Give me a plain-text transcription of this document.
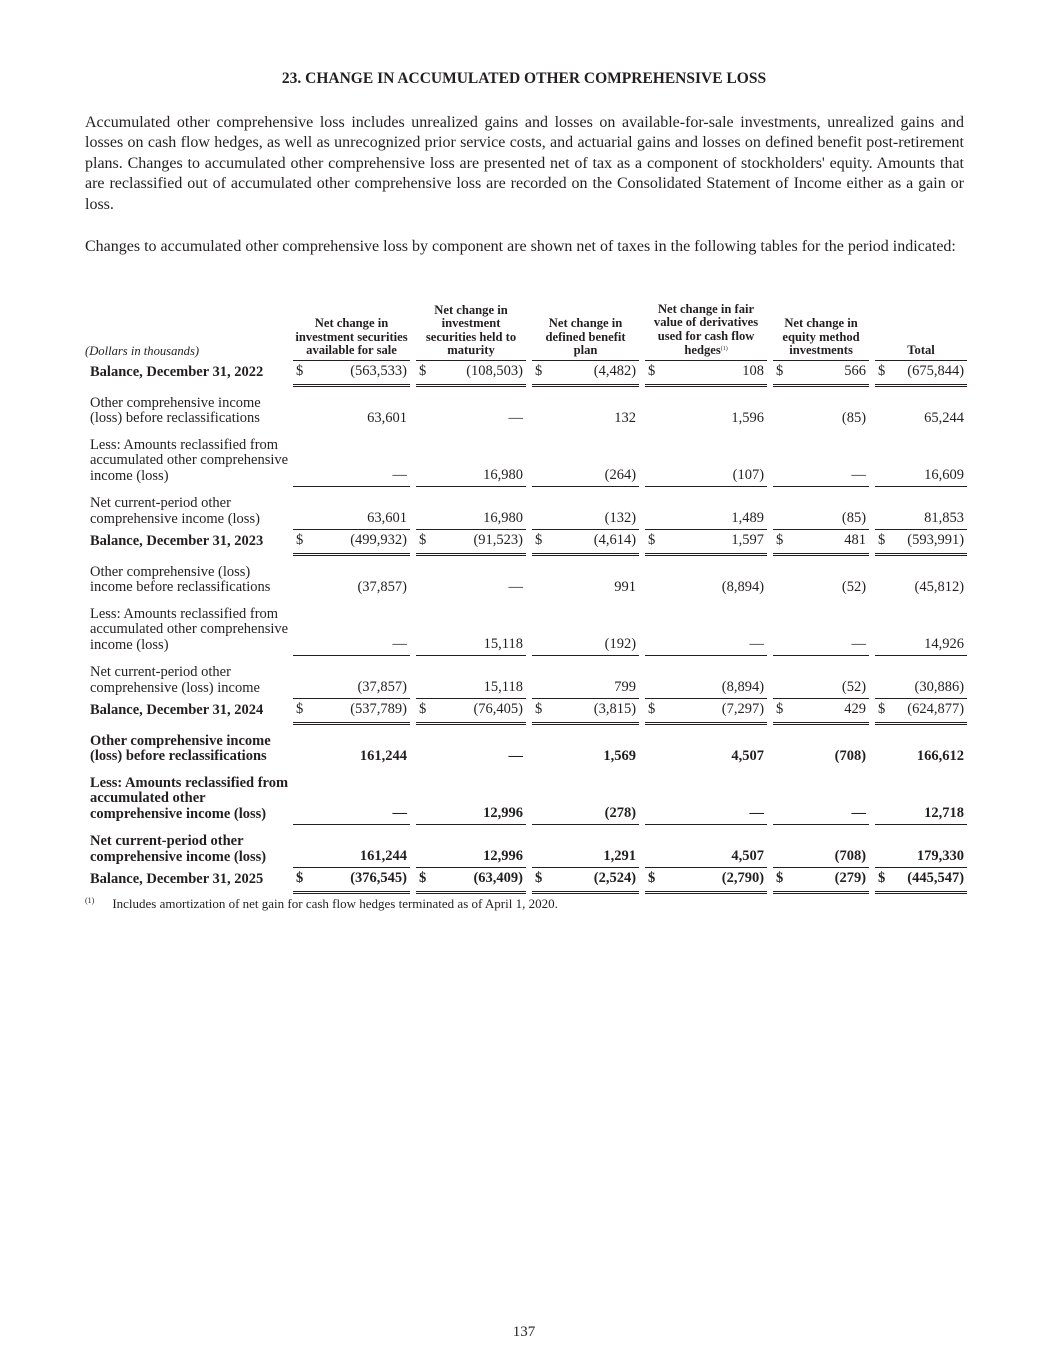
23. CHANGE IN ACCUMULATED OTHER COMPREHENSIVE LOSS

Accumulated other comprehensive loss includes unrealized gains and losses on available-for-sale investments, unrealized gains and losses on cash flow hedges, as well as unrecognized prior service costs, and actuarial gains and losses on defined benefit post-retirement plans. Changes to accumulated other comprehensive loss are presented net of tax as a component of stockholders' equity. Amounts that are reclassified out of accumulated other comprehensive loss are recorded on the Consolidated Statement of Income either as a gain or loss.

Changes to accumulated other comprehensive loss by component are shown net of taxes in the following tables for the period indicated:

(Dollars in thousands)		Net change in investment securities available for sale			Net change in investment securities held to maturity			Net change in defined benefit plan			Net change in fair value of derivatives used for cash flow hedges$^{(1)}$			Net change in equity method investments			Total	
Balance, December 31, 2022		$	(563,533)		$	(108,503)		$	(4,482)		$	108		$	566		$	(675,844)
Other comprehensive income (loss) before reclassifications			63,601			—			132			1,596			(85)			65,244
Less: Amounts reclassified from accumulated other comprehensive income (loss)			—			16,980			(264)			(107)			—			16,609
Net current-period other comprehensive income (loss)			63,601			16,980			(132)			1,489			(85)			81,853
Balance, December 31, 2023		$	(499,932)		$	(91,523)		$	(4,614)		$	1,597		$	481		$	(593,991)
Other comprehensive (loss) income before reclassifications			(37,857)			—			991			(8,894)			(52)			(45,812)
Less: Amounts reclassified from accumulated other comprehensive income (loss)			—			15,118			(192)			—			—			14,926
Net current-period other comprehensive (loss) income			(37,857)			15,118			799			(8,894)			(52)			(30,886)
Balance, December 31, 2024		$	(537,789)		$	(76,405)		$	(3,815)		$	(7,297)		$	429		$	(624,877)
Other comprehensive income (loss) before reclassifications			161,244			—			1,569			4,507			(708)			166,612
Less: Amounts reclassified from accumulated other comprehensive income (loss)			—			12,996			(278)			—			—			12,718
Net current-period other comprehensive income (loss)			161,244			12,996			1,291			4,507			(708)			179,330
Balance, December 31, 2025		$	(376,545)		$	(63,409)		$	(2,524)		$	(2,790)		$	(279)		$	(445,547)
$^{(1)}$ Includes amortization of net gain for cash flow hedges terminated as of April 1, 2020.
137
